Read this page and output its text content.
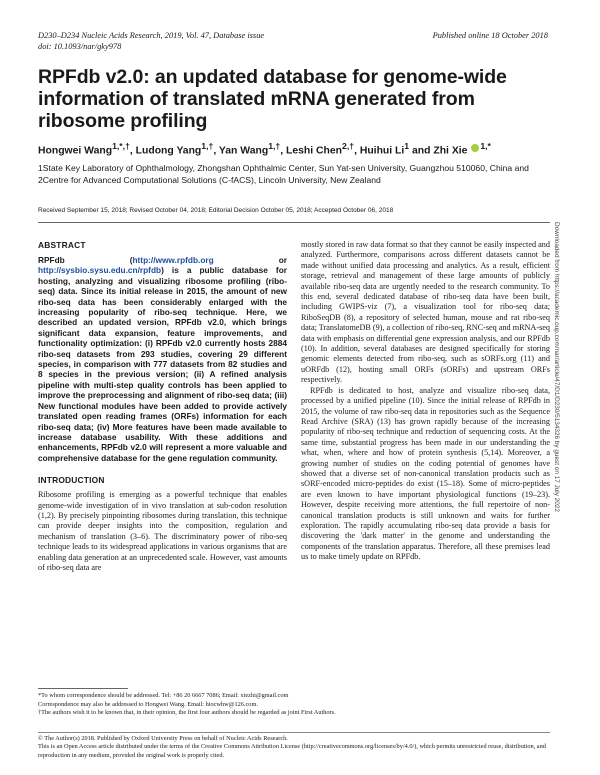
D230–D234 Nucleic Acids Research, 2019, Vol. 47, Database issue
doi: 10.1093/nar/gky978
Published online 18 October 2018
RPFdb v2.0: an updated database for genome-wide information of translated mRNA generated from ribosome profiling
Hongwei Wang$^{1,*,\dagger}$, Ludong Yang$^{1,\dagger}$, Yan Wang$^{1,\dagger}$, Leshi Chen$^{2,\dagger}$, Huihui Li$^1$ and Zhi Xie $^{1,*}$
1State Key Laboratory of Ophthalmology, Zhongshan Ophthalmic Center, Sun Yat-sen University, Guangzhou 510060, China and 2Centre for Advanced Computational Solutions (C-fACS), Lincoln University, New Zealand
Received September 15, 2018; Revised October 04, 2018; Editorial Decision October 05, 2018; Accepted October 06, 2018
Downloaded from https://academic.oup.com/nar/article/47/D1/D230/5134326 by guest on 17 July 2022
ABSTRACT

RPFdb (http://www.rpfdb.org or http://sysbio.sysu.edu.cn/rpfdb) is a public database for hosting, analyzing and visualizing ribosome profiling (ribo-seq) data. Since its initial release in 2015, the amount of new ribo-seq data has been considerably enlarged with the increasing popularity of ribo-seq technique. Here, we described an updated version, RPFdb v2.0, which brings significant data expansion, feature improvements, and functionality optimization: (i) RPFdb v2.0 currently hosts 2884 ribo-seq datasets from 293 studies, covering 29 different species, in comparison with 777 datasets from 82 studies and 8 species in the previous version; (ii) A refined analysis pipeline with multi-step quality controls has been applied to improve the preprocessing and alignment of ribo-seq data; (iii) New functional modules have been added to provide actively translated open reading frames (ORFs) information for each ribo-seq data; (iv) More features have been made available to increase database usability. With these additions and enhancements, RPFdb v2.0 will represent a more valuable and comprehensive database for the gene regulation community.

INTRODUCTION

Ribosome profiling is emerging as a powerful technique that enables genome-wide investigation of in vivo translation at sub-codon resolution (1,2). By precisely pinpointing ribosomes during translation, this technique can provide deeper insights into the composition, regulation and mechanism of translation (3–6). The discriminatory power of ribo-seq technique leads to its widespread applications in various organisms that are enabling data generation at an unprecedented scale. However, vast amounts of ribo-seq data are

mostly stored in raw data format so that they cannot be easily inspected and analyzed. Furthermore, comparisons across different datasets cannot be made without unified data processing and analytics. As a result, efficient storage, retrieval and management of these large amounts of publicly available ribo-seq data are urgently needed to the research community. To this end, several dedicated database of ribo-seq data have been built, including GWIPS-viz (7), a visualization tool for ribo-seq data; RiboSeqDB (8), a repository of selected human, mouse and rat ribo-seq data; TranslatomeDB (9), a collection of ribo-seq, RNC-seq and mRNA-seq data with emphasis on differential gene expression analysis, and our RPFdb (10). In addition, several databases are designed specifically for storing genomic elements detected from ribo-seq, such as sORFs.org (11) and uORFdb (12), hosting small ORFs (sORFs) and upstream ORFs respectively.

RPFdb is dedicated to host, analyze and visualize ribo-seq data, processed by a unified pipeline (10). Since the initial release of RPFdb in 2015, the volume of raw ribo-seq data in repositories such as the Sequence Read Archive (SRA) (13) has grown rapidly because of the increasing popularity of ribo-seq technique and reduction of sequencing costs. At the same time, substantial progress has been made in our understanding the what, when, where and how of protein synthesis (5,14). Moreover, a growing number of studies on the coding potential of genomes have showed that a diverse set of non-canonical translation products such as sORF-encoded micro-peptides do exist (15–18). Some of micro-peptides are even known to have important physiological functions (19–23). However, despite receiving more attentions, the full repertoire of non-canonical translation products is still unknown and waits for further exploration. The rapidly accumulating ribo-seq data provide a basis for discovering the 'dark matter' in the genome and understanding the components of the translation apparatus. Therefore, all these premises lead us to make timely update on RPFdb.

*To whom correspondence should be addressed. Tel: +86 20 6667 7086; Email: xiezhi@gmail.com
Correspondence may also be addressed to Hongwei Wang. Email: hiocwhw@126.com.
†The authors wish it to be known that, in their opinion, the first four authors should be regarded as joint First Authors.
© The Author(s) 2018. Published by Oxford University Press on behalf of Nucleic Acids Research.
This is an Open Access article distributed under the terms of the Creative Commons Attribution License (http://creativecommons.org/licenses/by/4.0/), which permits unrestricted reuse, distribution, and reproduction in any medium, provided the original work is properly cited.
